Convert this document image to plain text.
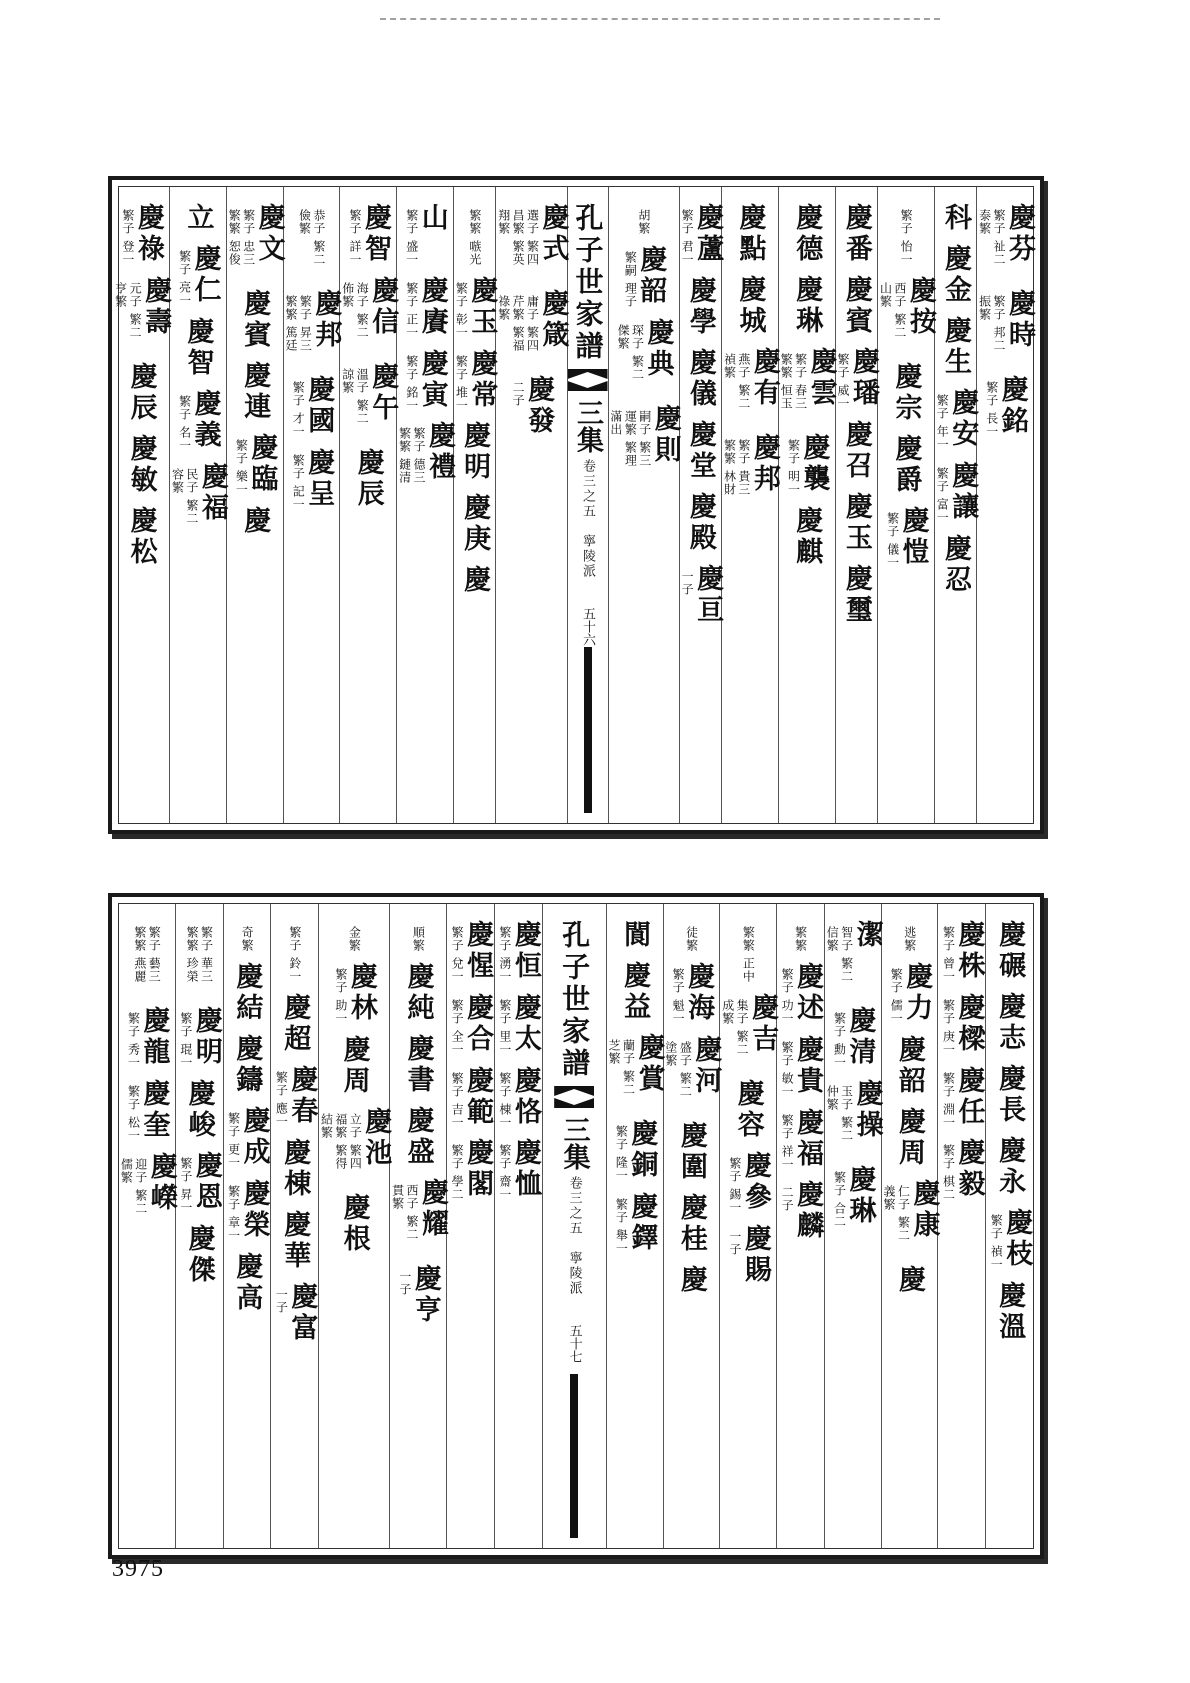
慶芬
繁子 祉二 泰繁
慶時
繁子 邦二 振繁
慶銘
繁子 長一
科
慶金
慶生
慶安
繁子 年一
慶讓
繁子 富一
慶忍
繁子 怡一
慶按
西子 繁二 山繁
慶宗
慶爵
慶愷
繁子 儀一
慶番
慶賓
慶璠
繁子 威一
慶召
慶玉
慶璽
慶德
慶琳
慶雲
繁子 春三 繁繁 恒玉
慶襲
繁子 明一
慶麒
慶點
慶城
慶有
燕子 繁二 禎繁
慶邦
繁子 貴三 繁繁 林財
慶蘆
繁子 君一
慶學
慶儀
慶堂
慶殿
慶亘
一子
胡繁
慶韶
繁嗣 理子
慶典
琛子 繁二 傑繁
慶則
嗣子 繁三 運繁 繁理 滿出
孔子世家譜
三集
卷三之五　寧陵派
五十六
慶式
選子 繁四 昌繁 繁英 翔繁
慶箴
庸子 繁四 芹繁 繁福 祿繁
慶發
二子
繁繁 嗾光
慶玉
繁子 彰一
慶常
繁子 堆一
慶明
慶庚
慶
山
繁子 盛一
慶賡
繁子 正一
慶寅
繁子 銘一
慶禮
繁子 德三 繁繁 鏈清
慶智
繁子 詳一
慶信
海子 繁二 佈繁
慶午
溫子 繁二 諒繁
慶辰
恭子 繁二 儉繁
慶邦
繁子 昇三 繁繁 篤廷
慶國
繁子 才一
慶呈
繁子 記一
慶文
繁子 忠三 繁繁 恕俊
慶賓
慶連
慶臨
繁子 樂一
慶
立
慶仁
繁子 亮一
慶智
慶義
繁子 名一
慶福
民子 繁二 容繁
慶祿
繁子 登一
慶壽
元子 繁二 亨繁
慶辰
慶敏
慶松
慶碾
慶志
慶長
慶永
慶枝
繁子 禎一
慶溫
慶株
繁子 曾一
慶樑
繁子 庚一
慶任
繁子 淵一
慶毅
繁子 棋二
逃繁
慶力
繁子 儒一
慶韶
慶周
慶康
仁子 繁二 義繁
慶
潔
智子 繁二 信繁
慶清
繁子 勳一
慶操
玉子 繁二 仲繁
慶琳
繁子 合二
繁繁
慶述
繁子 功一
慶貴
繁子 敏一
慶福
繁子 祥一
慶麟
二子
繁繁 正中
慶吉
集子 繁二 成繁
慶容
慶參
繁子 錫一
慶賜
一子
徒繁
慶海
繁子 魁一
慶河
盛子 繁二 塗繁
慶圍
慶桂
慶
閬
慶益
慶賞
蘭子 繁二 芝繁
慶銅
繁子 隆一
慶鐸
繁子 舉一
孔子世家譜
三集
卷三之五　寧陵派
五十七
慶恒
繁子 湧一
慶太
繁子 里一
慶恪
繁子 棟一
慶恤
繁子 齋一
慶惺
繁子 兌一
慶合
繁子 全一
慶範
繁子 吉一
慶閣
繁子 學二
順繁
慶純
慶書
慶盛
慶耀
西子 繁二 貫繁
慶亨
一子
金繁
慶林
繁子 助一
慶周
慶池
立子 繁四 福繁 繁得 結繁
慶根
繁子 鈴一
慶超
慶春
繁子 應一
慶棟
慶華
慶富
一子
奇繁
慶結
慶鑄
慶成
繁子 更一
慶榮
繁子 章一
慶高
繁子 華三 繁繁 珍榮
慶明
繁子 琨一
慶峻
慶恩
繁子 昇一
慶傑
繁子 藝三 繁繁 燕麗
慶龍
繁子 秀一
慶奎
繁子 松一
慶嶸
迎子 繁二 儒繁
3975
